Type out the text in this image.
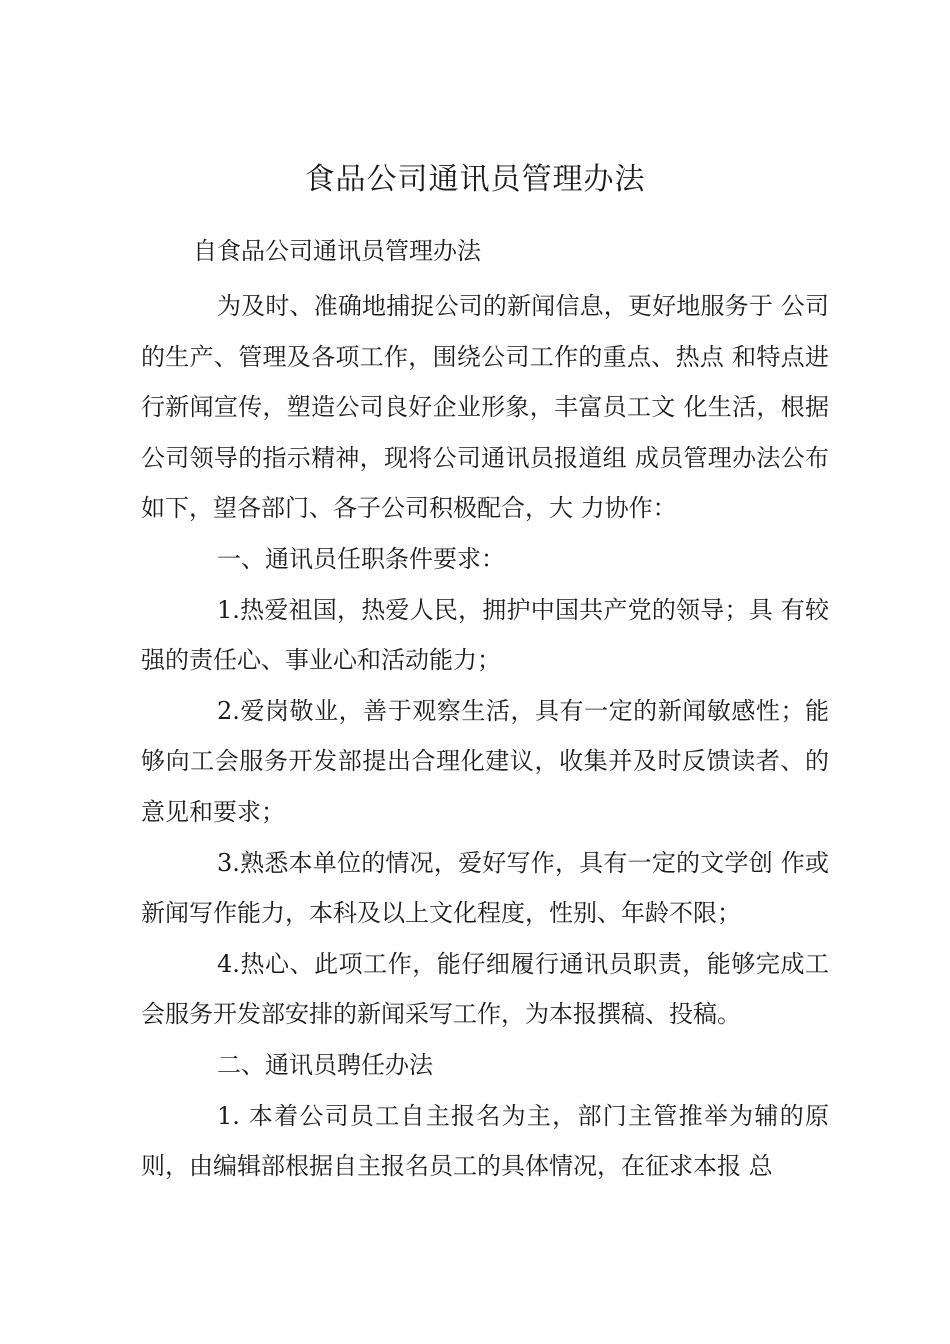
食品公司通讯员管理办法
自食品公司通讯员管理办法

为及时、准确地捕捉公司的新闻信息，更好地服务于 公司的生产、管理及各项工作，围绕公司工作的重点、热点 和特点进行新闻宣传，塑造公司良好企业形象，丰富员工文 化生活，根据公司领导的指示精神，现将公司通讯员报道组 成员管理办法公布如下，望各部门、各子公司积极配合，大 力协作：

一、通讯员任职条件要求：

1.热爱祖国，热爱人民，拥护中国共产党的领导；具 有较强的责任心、事业心和活动能力；

2.爱岗敬业，善于观察生活，具有一定的新闻敏感性；能够向工会服务开发部提出合理化建议，收集并及时反馈读者、的意见和要求；

3.熟悉本单位的情况，爱好写作，具有一定的文学创 作或新闻写作能力，本科及以上文化程度，性别、年龄不限；

4.热心、此项工作，能仔细履行通讯员职责，能够完成工会服务开发部安排的新闻采写工作，为本报撰稿、投稿。

二、通讯员聘任办法

1. 本着公司员工自主报名为主，部门主管推举为辅的原则，由编辑部根据自主报名员工的具体情况，在征求本报 总
